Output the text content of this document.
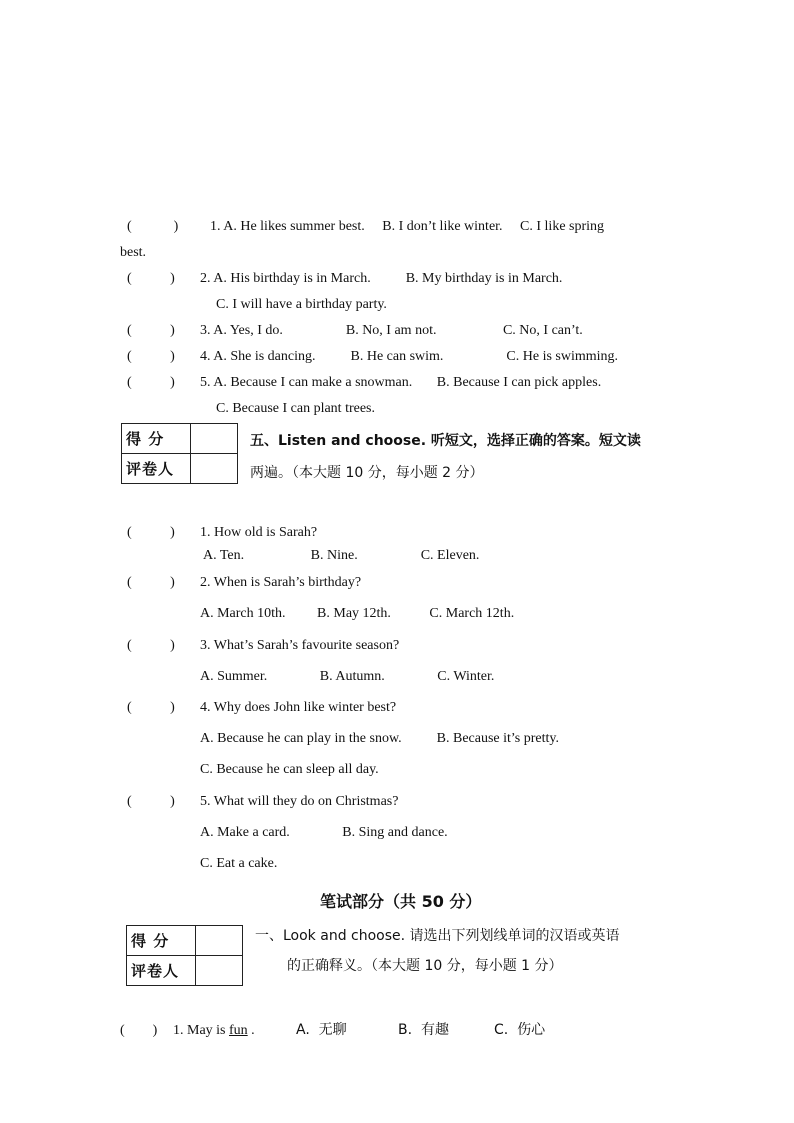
(            ) 1. A. He likes summer best.     B. I don’t like winter.     C. I like spring
best.
(           ) 2. A. His birthday is in March.          B. My birthday is in March.
C. I will have a birthday party.
(           ) 3. A. Yes, I do.                  B. No, I am not.                   C. No, I can’t.
(           ) 4. A. She is dancing.          B. He can swim.                  C. He is swimming.
(           ) 5. A. Because I can make a snowman.       B. Because I can pick apples.
C. Because I can plant trees.
得 分	
评卷人	
五、Listen and choose. 听短文，选择正确的答案。短文读
两遍。（本大题 10 分，每小题 2 分）
(           ) 1. How old is Sarah?
A. Ten.                   B. Nine.                  C. Eleven.
(           ) 2. When is Sarah’s birthday?
A. March 10th.         B. May 12th.           C. March 12th.
(           ) 3. What’s Sarah’s favourite season?
A. Summer.               B. Autumn.               C. Winter.
(           ) 4. Why does John like winter best?
A. Because he can play in the snow.          B. Because it’s pretty.
C. Because he can sleep all day.
(           ) 5. What will they do on Christmas?
A. Make a card.               B. Sing and dance.
C. Eat a cake.
笔试部分（共 50 分）
得 分	
评卷人	
一、Look and choose. 请选出下列划线单词的汉语或英语
的正确释义。（本大题 10 分，每小题 1 分）
(        ) 1. May is fun .	A.  无聊	B.  有趣	C.  伤心
